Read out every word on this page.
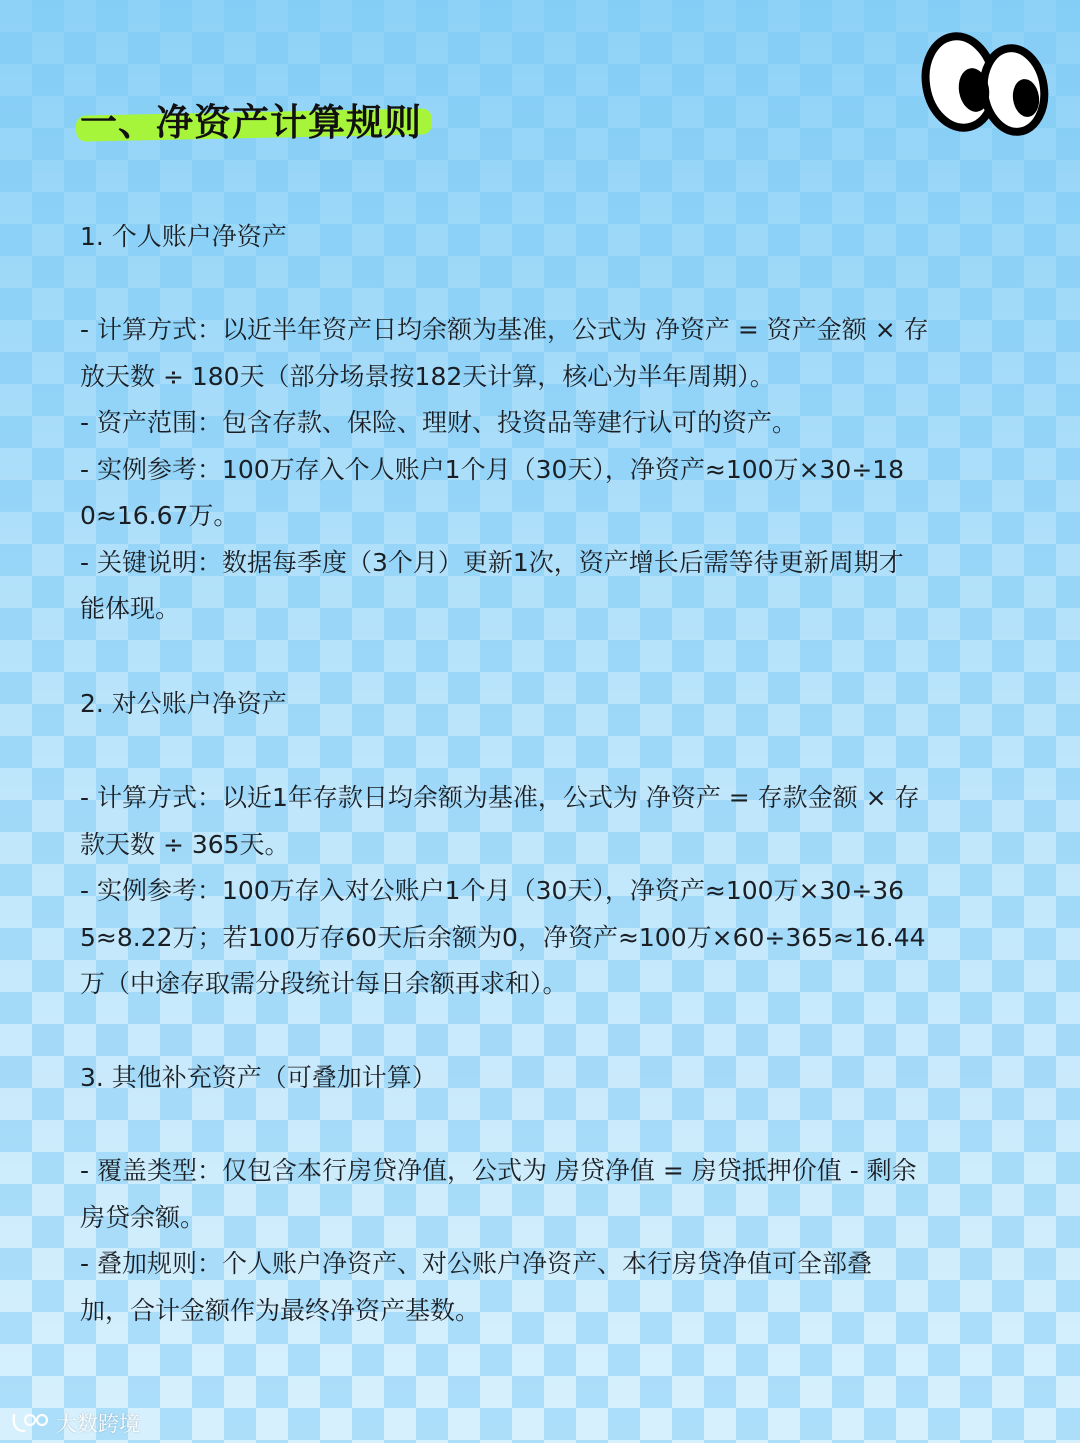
一、净资产计算规则

1. 个人账户净资产

- 计算方式：以近半年资产日均余额为基准，公式为 净资产 = 资产金额 × 存

放天数 ÷ 180天（部分场景按182天计算，核心为半年周期）。

- 资产范围：包含存款、保险、理财、投资品等建行认可的资产。

- 实例参考：100万存入个人账户1个月（30天），净资产≈100万×30÷18

0≈16.67万。

- 关键说明：数据每季度（3个月）更新1次，资产增长后需等待更新周期才

能体现。

2. 对公账户净资产

- 计算方式：以近1年存款日均余额为基准，公式为 净资产 = 存款金额 × 存

款天数 ÷ 365天。

- 实例参考：100万存入对公账户1个月（30天），净资产≈100万×30÷36

5≈8.22万；若100万存60天后余额为0，净资产≈100万×60÷365≈16.44

万（中途存取需分段统计每日余额再求和）。

3. 其他补充资产（可叠加计算）

- 覆盖类型：仅包含本行房贷净值，公式为 房贷净值 = 房贷抵押价值 - 剩余

房贷余额。

- 叠加规则：个人账户净资产、对公账户净资产、本行房贷净值可全部叠

加，合计金额作为最终净资产基数。

大数跨境
